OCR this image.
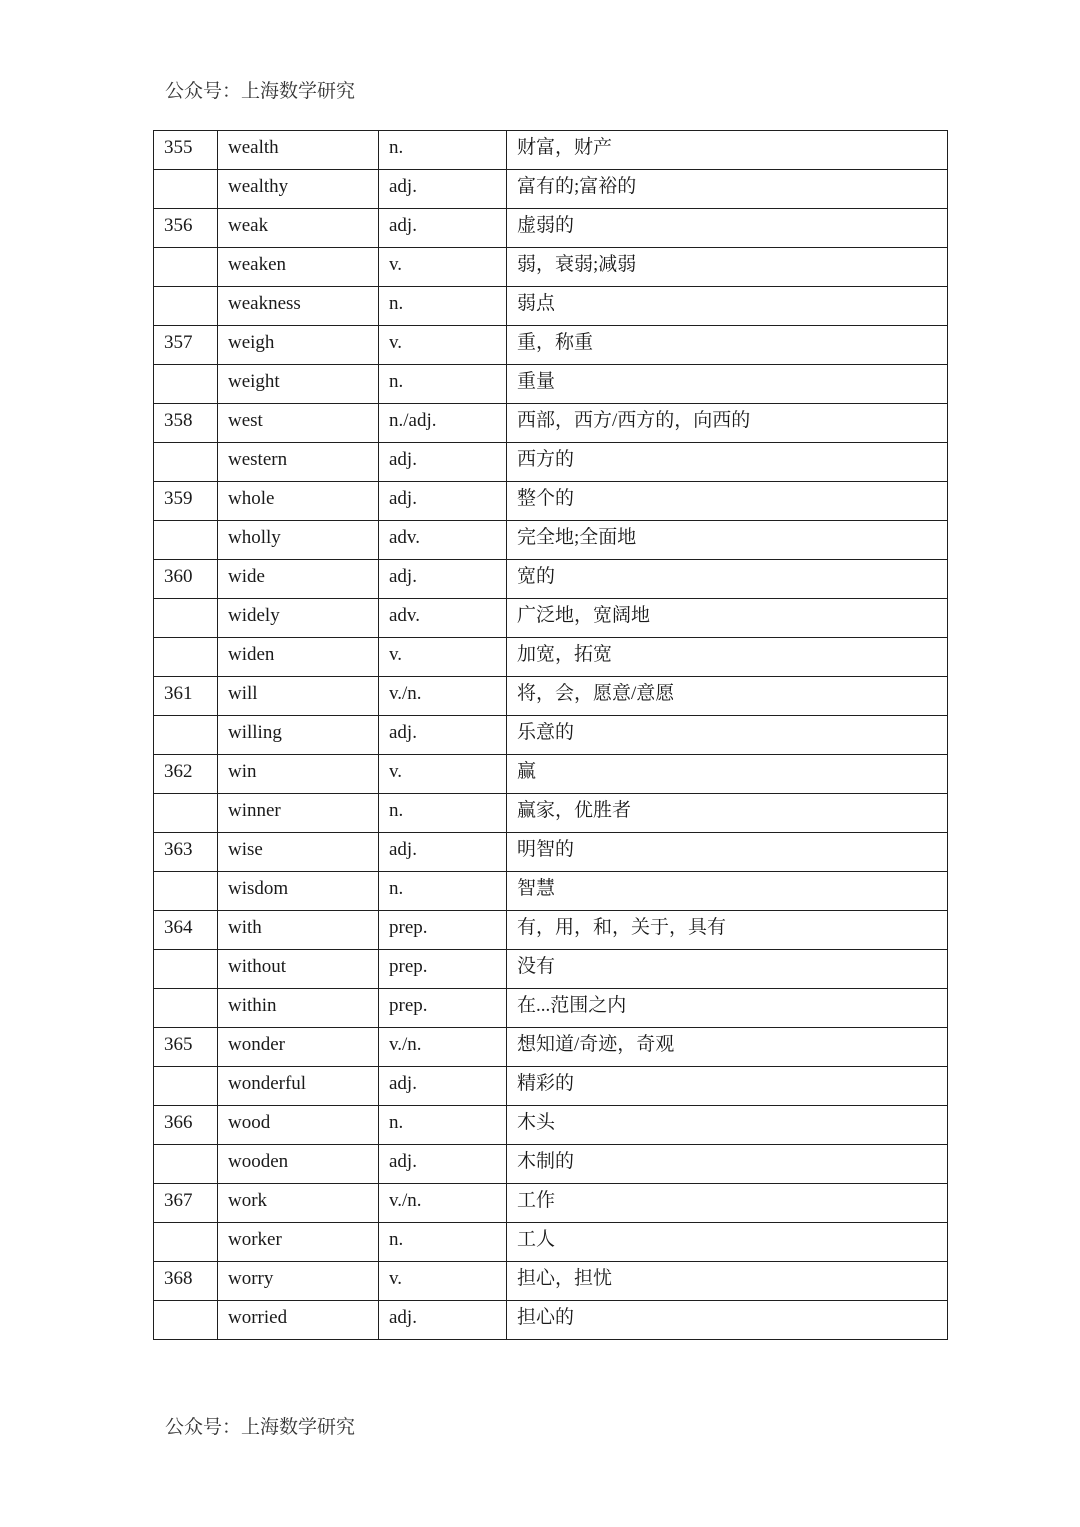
公众号：上海数学研究
355	wealth	n.	财富，财产
	wealthy	adj.	富有的;富裕的
356	weak	adj.	虚弱的
	weaken	v.	弱，衰弱;减弱
	weakness	n.	弱点
357	weigh	v.	重，称重
	weight	n.	重量
358	west	n./adj.	西部，西方/西方的，向西的
	western	adj.	西方的
359	whole	adj.	整个的
	wholly	adv.	完全地;全面地
360	wide	adj.	宽的
	widely	adv.	广泛地，宽阔地
	widen	v.	加宽，拓宽
361	will	v./n.	将，会，愿意/意愿
	willing	adj.	乐意的
362	win	v.	赢
	winner	n.	赢家，优胜者
363	wise	adj.	明智的
	wisdom	n.	智慧
364	with	prep.	有，用，和，关于，具有
	without	prep.	没有
	within	prep.	在...范围之内
365	wonder	v./n.	想知道/奇迹，奇观
	wonderful	adj.	精彩的
366	wood	n.	木头
	wooden	adj.	木制的
367	work	v./n.	工作
	worker	n.	工人
368	worry	v.	担心，担忧
	worried	adj.	担心的
公众号：上海数学研究
